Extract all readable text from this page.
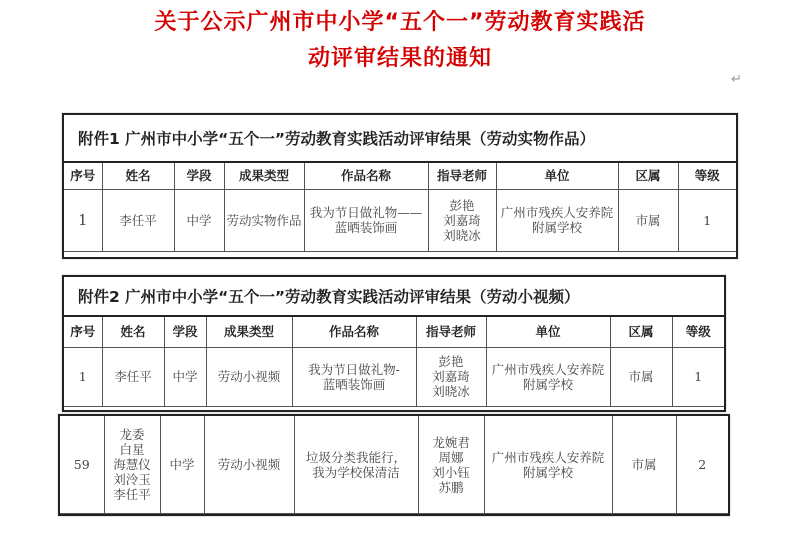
关于公示广州市中小学“五个一”劳动教育实践活
动评审结果的通知
↵
附件1 广州市中小学“五个一”劳动教育实践活动评审结果（劳动实物作品）
序号	姓名	学段	成果类型	作品名称	指导老师	单位	区属	等级
1	李任平	中学	劳动实物作品	我为节日做礼物——
蓝晒装饰画	彭艳
刘嘉琦
刘晓冰	广州市残疾人安养院
附属学校	市属	1
附件2 广州市中小学“五个一”劳动教育实践活动评审结果（劳动小视频）
序号	姓名	学段	成果类型	作品名称	指导老师	单位	区属	等级
1	李任平	中学	劳动小视频	我为节日做礼物-
蓝晒装饰画	彭艳
刘嘉琦
刘晓冰	广州市残疾人安养院
附属学校	市属	1
59	龙委
白星
海慧仪
刘泠玉
李任平	中学	劳动小视频	垃圾分类我能行，
我为学校保清洁	龙婉君
周娜
刘小钰
苏鹏	广州市残疾人安养院
附属学校	市属	2
